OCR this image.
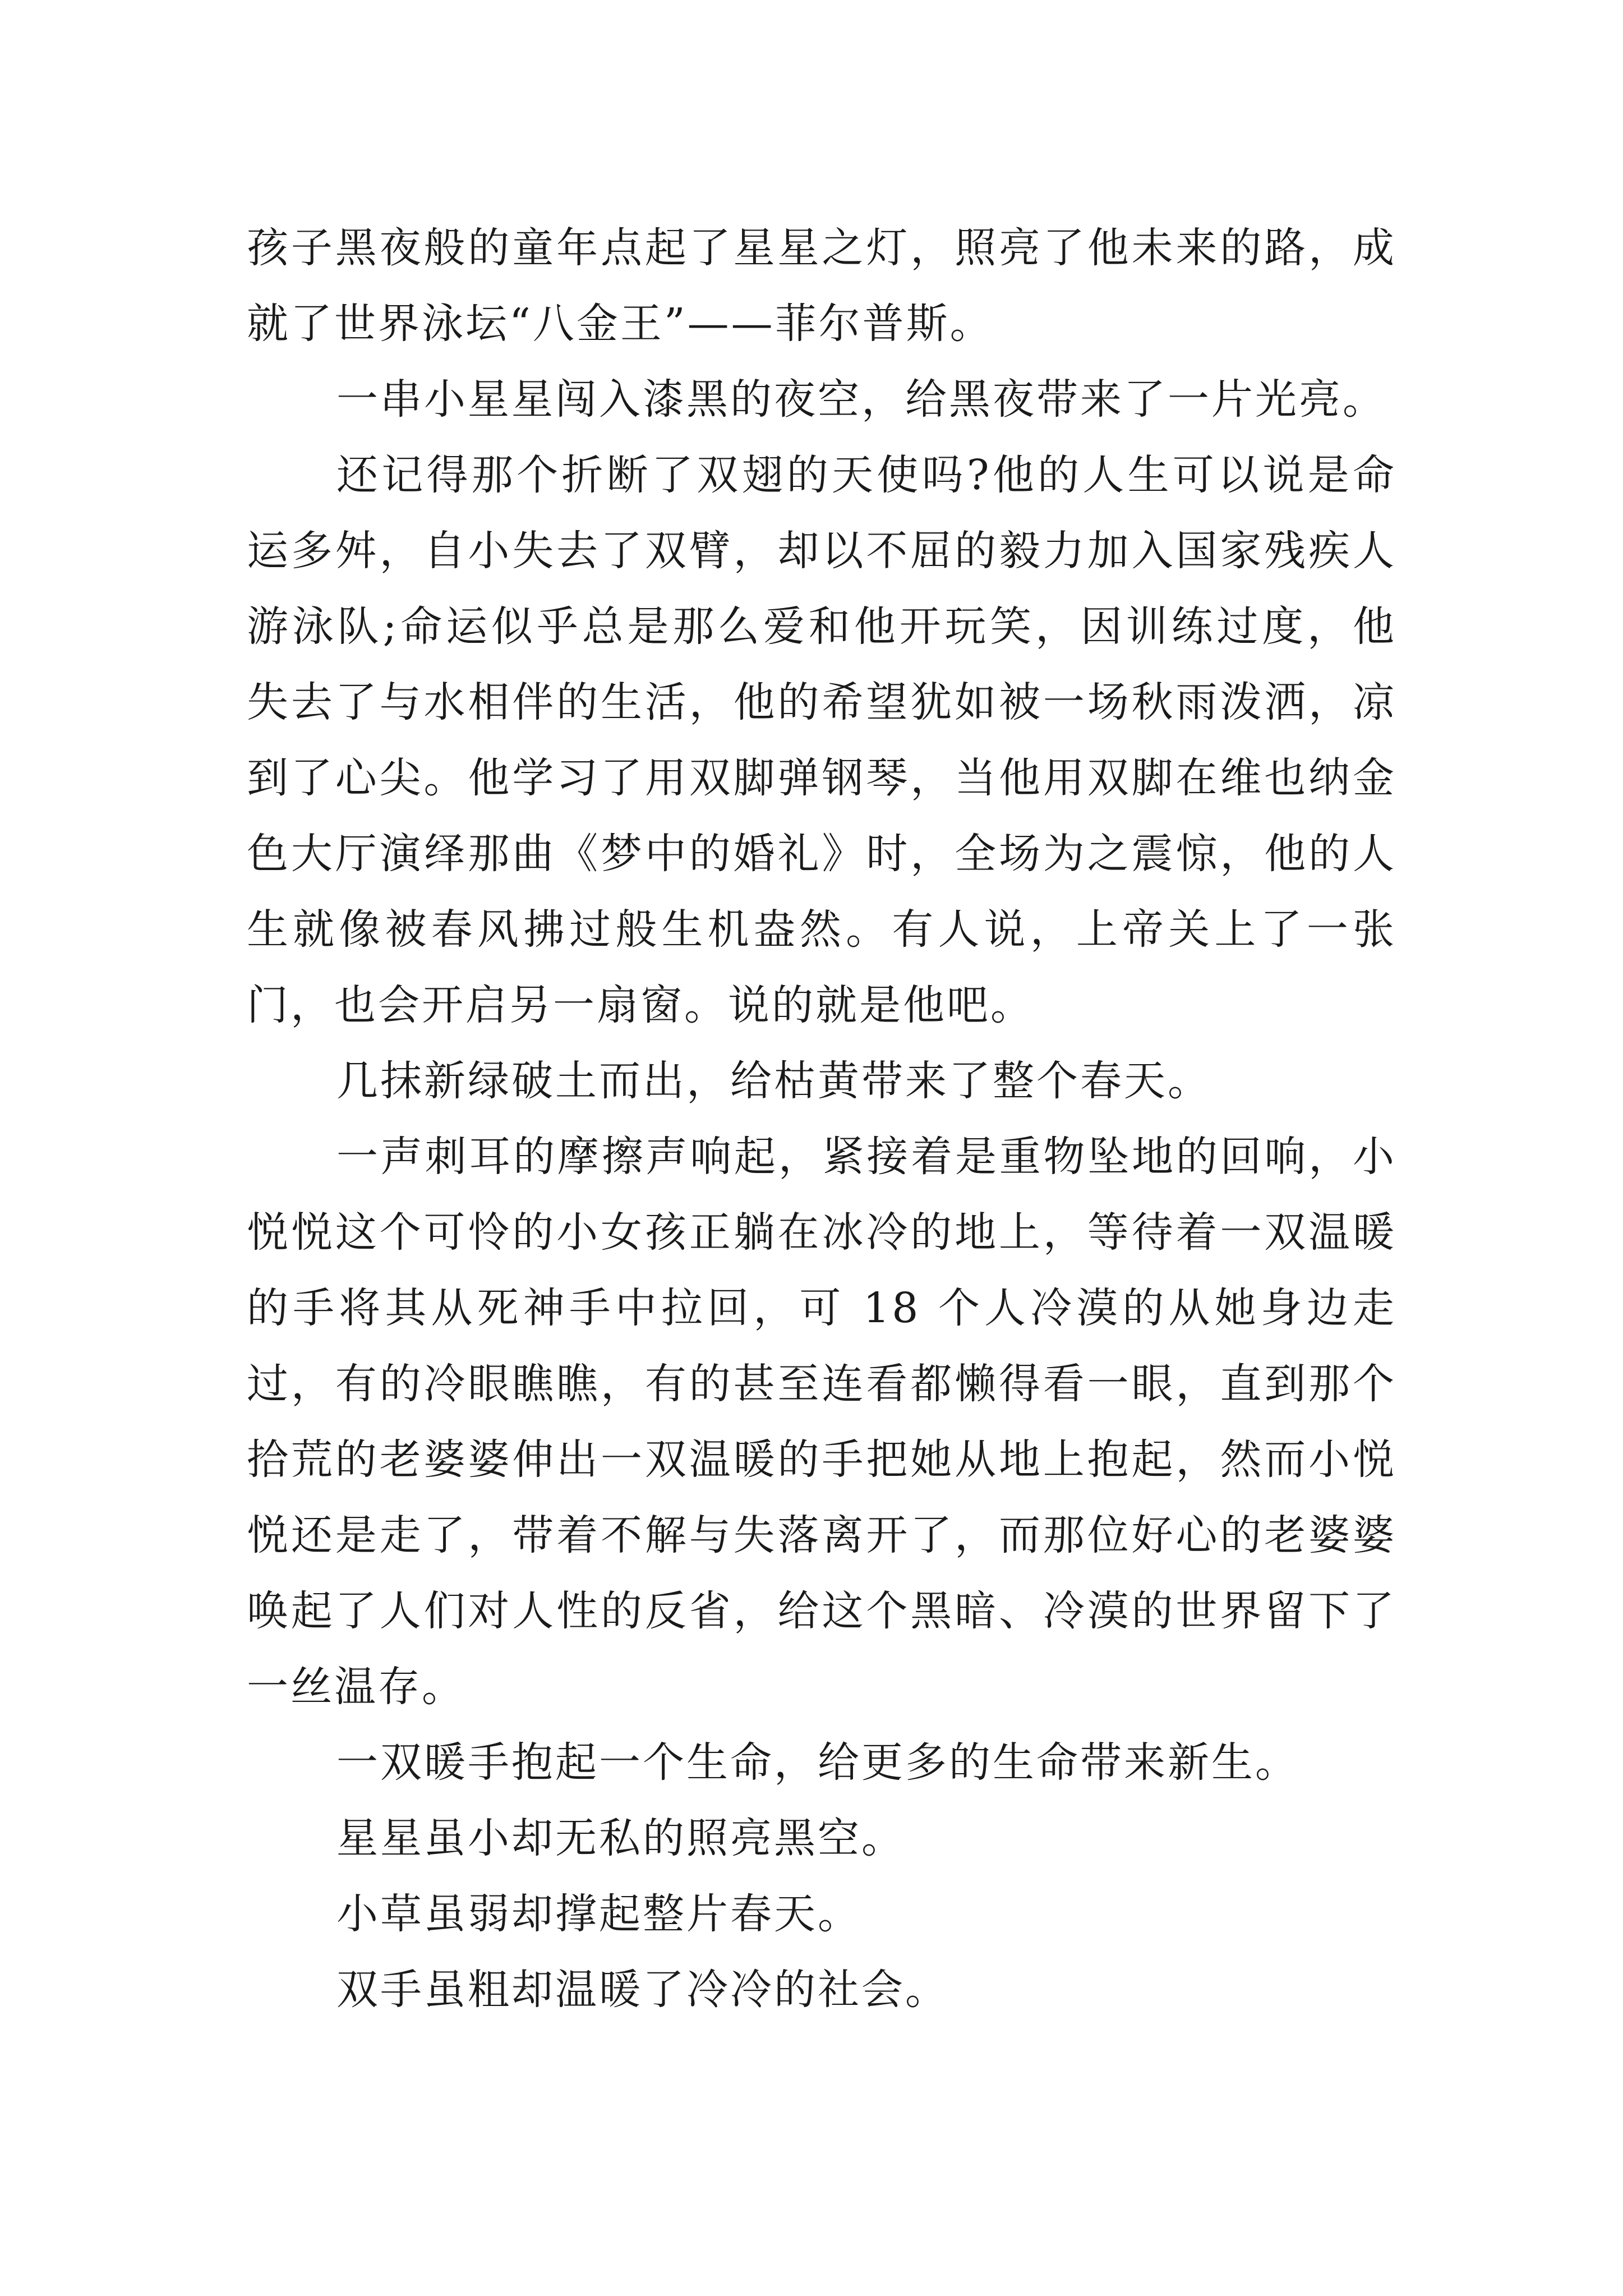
孩子黑夜般的童年点起了星星之灯，照亮了他未来的路，成就了世界泳坛“八金王”——菲尔普斯。

一串小星星闯入漆黑的夜空，给黑夜带来了一片光亮。

还记得那个折断了双翅的天使吗?他的人生可以说是命运多舛，自小失去了双臂，却以不屈的毅力加入国家残疾人游泳队;命运似乎总是那么爱和他开玩笑，因训练过度，他失去了与水相伴的生活，他的希望犹如被一场秋雨泼洒，凉到了心尖。他学习了用双脚弹钢琴，当他用双脚在维也纳金色大厅演绎那曲《梦中的婚礼》时，全场为之震惊，他的人生就像被春风拂过般生机盎然。有人说，上帝关上了一张门，也会开启另一扇窗。说的就是他吧。

几抹新绿破土而出，给枯黄带来了整个春天。

一声刺耳的摩擦声响起，紧接着是重物坠地的回响，小悦悦这个可怜的小女孩正躺在冰冷的地上，等待着一双温暖的手将其从死神手中拉回，可 18 个人冷漠的从她身边走过，有的冷眼瞧瞧，有的甚至连看都懒得看一眼，直到那个拾荒的老婆婆伸出一双温暖的手把她从地上抱起，然而小悦悦还是走了，带着不解与失落离开了，而那位好心的老婆婆唤起了人们对人性的反省，给这个黑暗、冷漠的世界留下了一丝温存。

一双暖手抱起一个生命，给更多的生命带来新生。

星星虽小却无私的照亮黑空。

小草虽弱却撑起整片春天。

双手虽粗却温暖了冷冷的社会。
